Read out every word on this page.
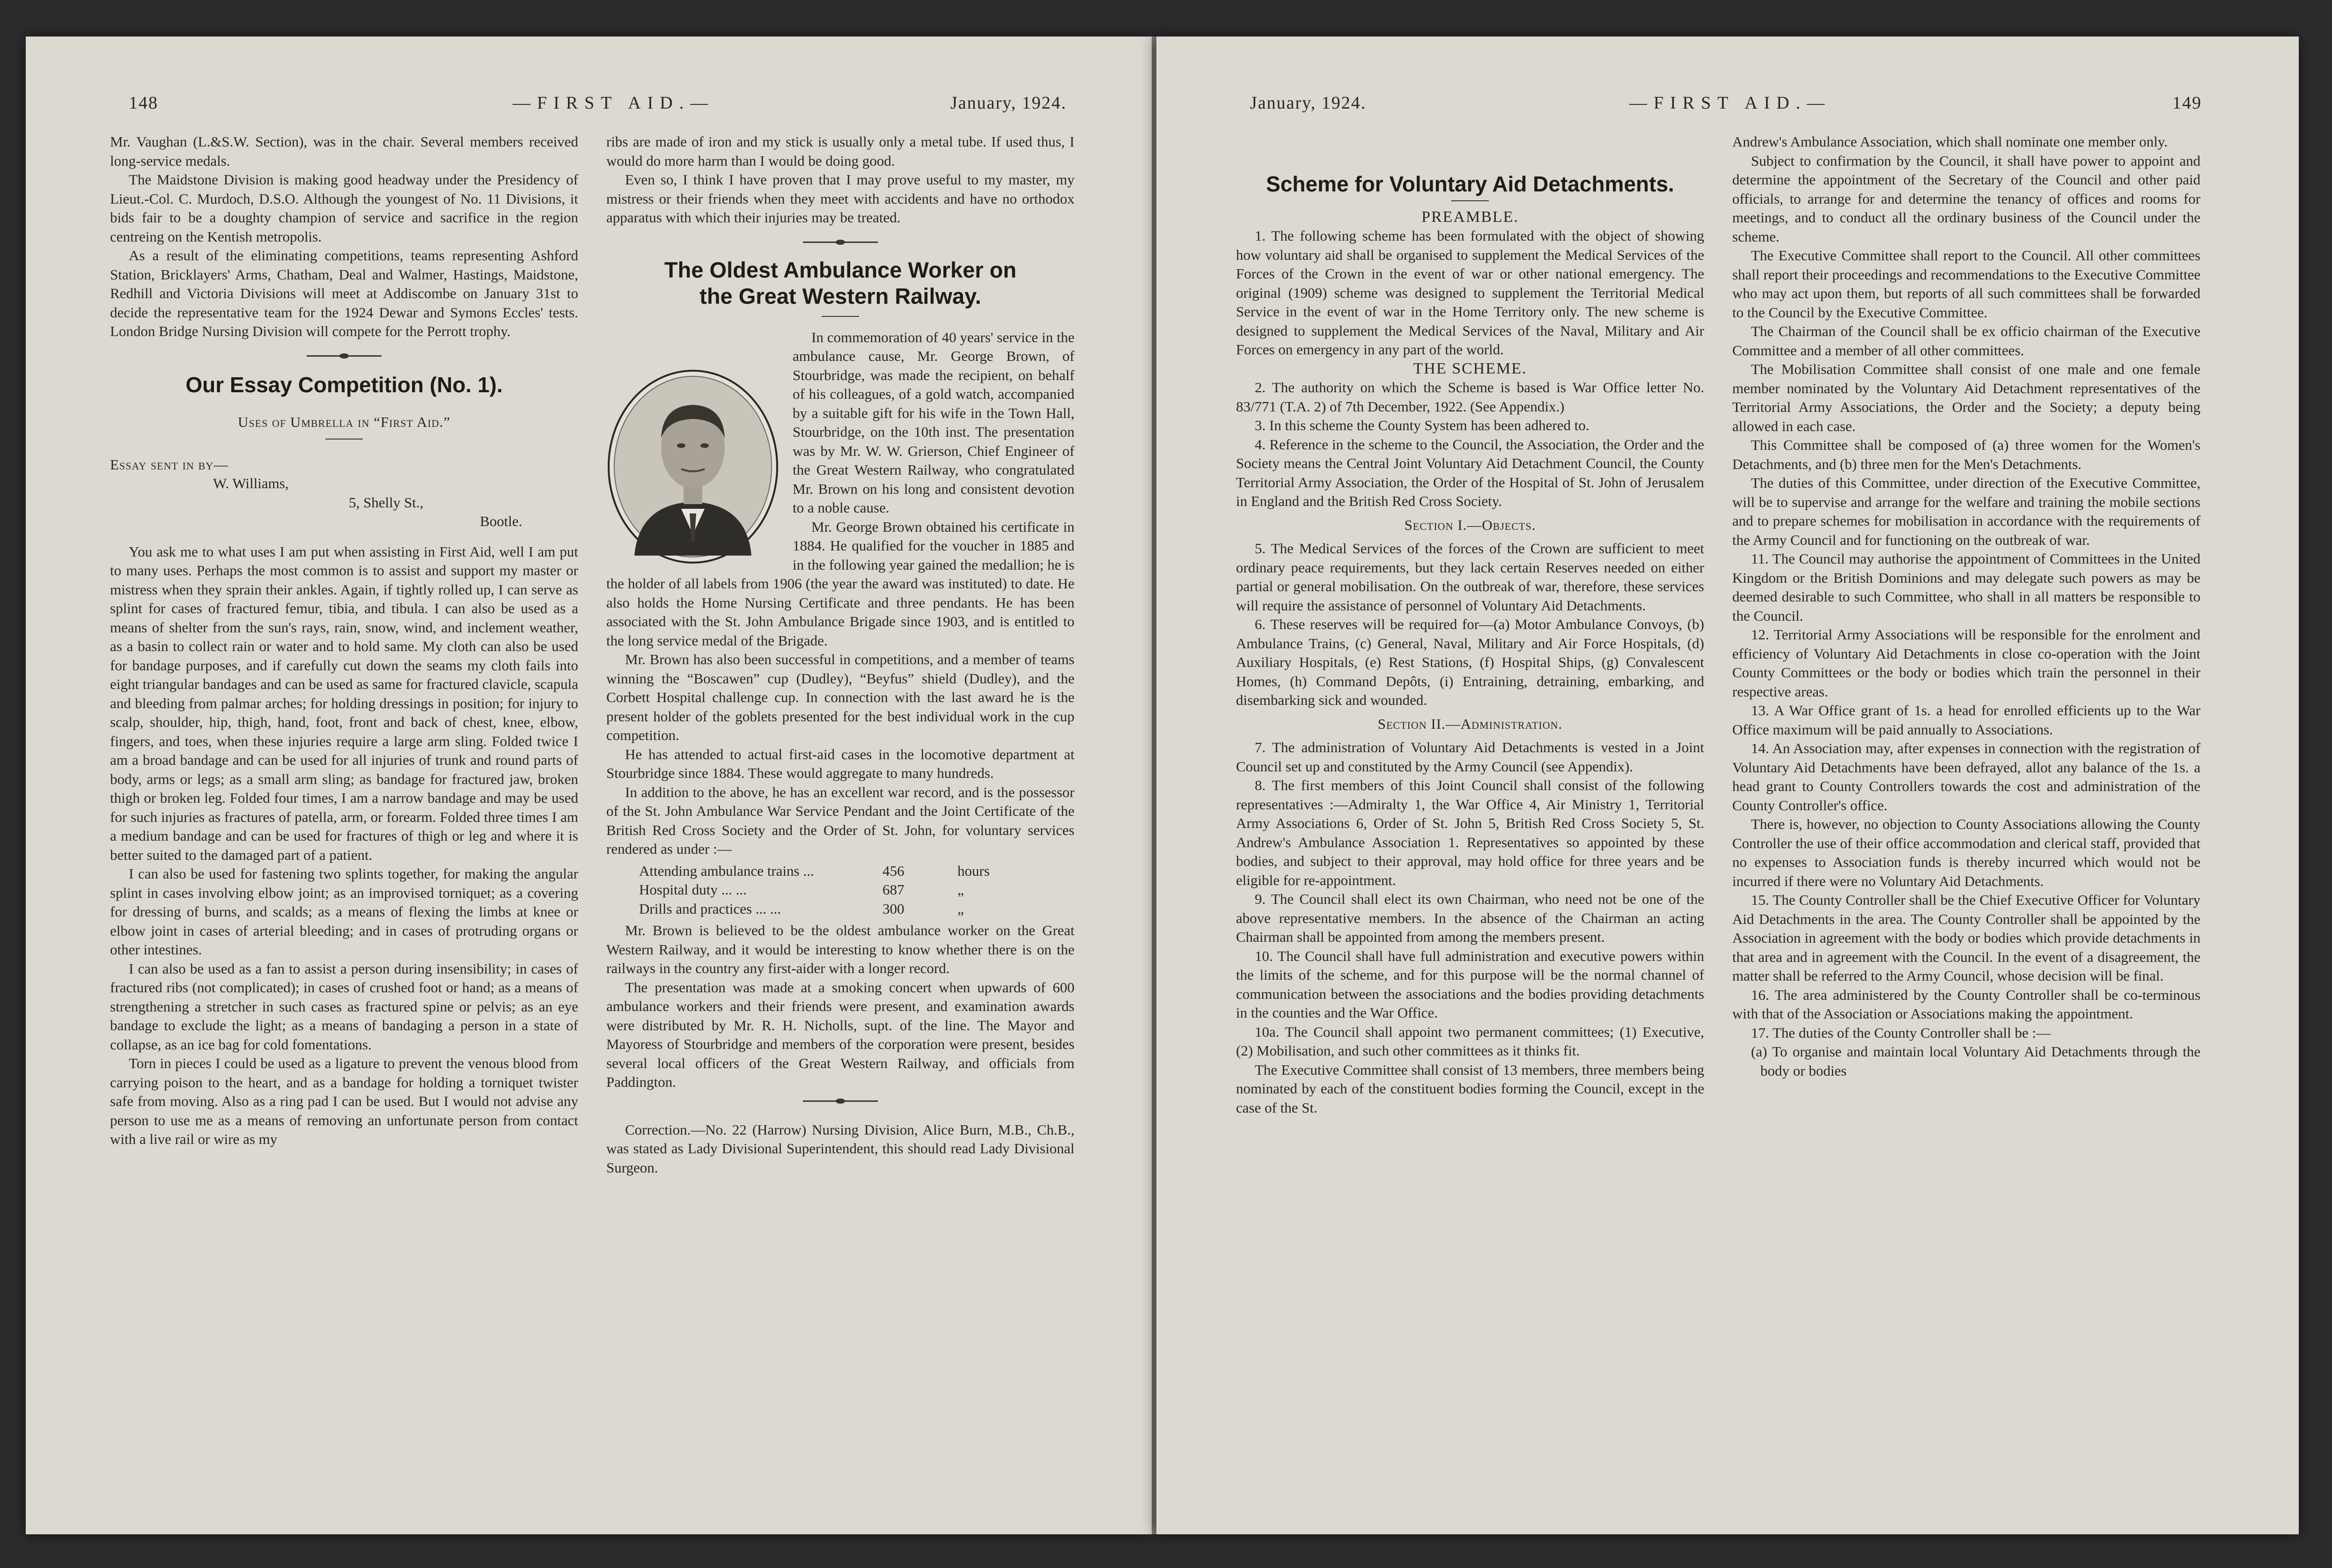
148	—FIRST AID.—	January, 1924.

Mr. Vaughan (L.&S.W. Section), was in the chair. Several members received long-service medals.

The Maidstone Division is making good headway under the Presidency of Lieut.-Col. C. Murdoch, D.S.O. Although the youngest of No. 11 Divisions, it bids fair to be a doughty champion of service and sacrifice in the region centreing on the Kentish metropolis.

As a result of the eliminating competitions, teams representing Ashford Station, Bricklayers' Arms, Chatham, Deal and Walmer, Hastings, Maidstone, Redhill and Victoria Divisions will meet at Addiscombe on January 31st to decide the representative team for the 1924 Dewar and Symons Eccles' tests. London Bridge Nursing Division will compete for the Perrott trophy.

Our Essay Competition (No. 1).

Uses of Umbrella in “First Aid.”

Essay sent in by—

W. Williams,

5, Shelly St.,

Bootle.

You ask me to what uses I am put when assisting in First Aid, well I am put to many uses. Perhaps the most common is to assist and support my master or mistress when they sprain their ankles. Again, if tightly rolled up, I can serve as splint for cases of fractured femur, tibia, and tibula. I can also be used as a means of shelter from the sun's rays, rain, snow, wind, and inclement weather, as a basin to collect rain or water and to hold same. My cloth can also be used for bandage purposes, and if carefully cut down the seams my cloth fails into eight triangular bandages and can be used as same for fractured clavicle, scapula and bleeding from palmar arches; for holding dressings in position; for injury to scalp, shoulder, hip, thigh, hand, foot, front and back of chest, knee, elbow, fingers, and toes, when these injuries require a large arm sling. Folded twice I am a broad bandage and can be used for all injuries of trunk and round parts of body, arms or legs; as a small arm sling; as bandage for fractured jaw, broken thigh or broken leg. Folded four times, I am a narrow bandage and may be used for such injuries as fractures of patella, arm, or forearm. Folded three times I am a medium bandage and can be used for fractures of thigh or leg and where it is better suited to the damaged part of a patient.

I can also be used for fastening two splints together, for making the angular splint in cases involving elbow joint; as an improvised torniquet; as a covering for dressing of burns, and scalds; as a means of flexing the limbs at knee or elbow joint in cases of arterial bleeding; and in cases of protruding organs or other intestines.

I can also be used as a fan to assist a person during insensibility; in cases of fractured ribs (not complicated); in cases of crushed foot or hand; as a means of strengthening a stretcher in such cases as fractured spine or pelvis; as an eye bandage to exclude the light; as a means of bandaging a person in a state of collapse, as an ice bag for cold fomentations.

Torn in pieces I could be used as a ligature to prevent the venous blood from carrying poison to the heart, and as a bandage for holding a torniquet twister safe from moving. Also as a ring pad I can be used. But I would not advise any person to use me as a means of removing an unfortunate person from contact with a live rail or wire as my

ribs are made of iron and my stick is usually only a metal tube. If used thus, I would do more harm than I would be doing good.

Even so, I think I have proven that I may prove useful to my master, my mistress or their friends when they meet with accidents and have no orthodox apparatus with which their injuries may be treated.

The Oldest Ambulance Worker on
the Great Western Railway.

In commemoration of 40 years' service in the ambulance cause, Mr. George Brown, of Stourbridge, was made the recipient, on behalf of his colleagues, of a gold watch, accompanied by a suitable gift for his wife in the Town Hall, Stourbridge, on the 10th inst. The presentation was by Mr. W. W. Grierson, Chief Engineer of the Great Western Railway, who congratulated Mr. Brown on his long and consistent devotion to a noble cause.

Mr. George Brown obtained his certificate in 1884. He qualified for the voucher in 1885 and in the following year gained the medallion; he is the holder of all labels from 1906 (the year the award was instituted) to date. He also holds the Home Nursing Certificate and three pendants. He has been associated with the St. John Ambulance Brigade since 1903, and is entitled to the long service medal of the Brigade.

Mr. Brown has also been successful in competitions, and a member of teams winning the “Boscawen” cup (Dudley), “Beyfus” shield (Dudley), and the Corbett Hospital challenge cup. In connection with the last award he is the present holder of the goblets presented for the best individual work in the cup competition.

He has attended to actual first-aid cases in the locomotive department at Stourbridge since 1884. These would aggregate to many hundreds.

In addition to the above, he has an excellent war record, and is the possessor of the St. John Ambulance War Service Pendant and the Joint Certificate of the British Red Cross Society and the Order of St. John, for voluntary services rendered as under :—

Attending ambulance trains ...	456	hours
Hospital duty ... ...	687	„
Drills and practices ... ...	300	„

Mr. Brown is believed to be the oldest ambulance worker on the Great Western Railway, and it would be interesting to know whether there is on the railways in the country any first-aider with a longer record.

The presentation was made at a smoking concert when upwards of 600 ambulance workers and their friends were present, and examination awards were distributed by Mr. R. H. Nicholls, supt. of the line. The Mayor and Mayoress of Stourbridge and members of the corporation were present, besides several local officers of the Great Western Railway, and officials from Paddington.

Correction.—No. 22 (Harrow) Nursing Division, Alice Burn, M.B., Ch.B., was stated as Lady Divisional Superintendent, this should read Lady Divisional Surgeon.

January, 1924.	—FIRST AID.—	149
Scheme for Voluntary Aid Detachments.

PREAMBLE.

1. The following scheme has been formulated with the object of showing how voluntary aid shall be organised to supplement the Medical Services of the Forces of the Crown in the event of war or other national emergency. The original (1909) scheme was designed to supplement the Territorial Medical Service in the event of war in the Home Territory only. The new scheme is designed to supplement the Medical Services of the Naval, Military and Air Forces on emergency in any part of the world.

THE SCHEME.

2. The authority on which the Scheme is based is War Office letter No. 83/771 (T.A. 2) of 7th December, 1922. (See Appendix.)

3. In this scheme the County System has been adhered to.

4. Reference in the scheme to the Council, the Association, the Order and the Society means the Central Joint Voluntary Aid Detachment Council, the County Territorial Army Association, the Order of the Hospital of St. John of Jerusalem in England and the British Red Cross Society.

Section I.—Objects.

5. The Medical Services of the forces of the Crown are sufficient to meet ordinary peace requirements, but they lack certain Reserves needed on either partial or general mobilisation. On the outbreak of war, therefore, these services will require the assistance of personnel of Voluntary Aid Detachments.

6. These reserves will be required for—(a) Motor Ambulance Convoys, (b) Ambulance Trains, (c) General, Naval, Military and Air Force Hospitals, (d) Auxiliary Hospitals, (e) Rest Stations, (f) Hospital Ships, (g) Convalescent Homes, (h) Command Depôts, (i) Entraining, detraining, embarking, and disembarking sick and wounded.

Section II.—Administration.

7. The administration of Voluntary Aid Detachments is vested in a Joint Council set up and constituted by the Army Council (see Appendix).

8. The first members of this Joint Council shall consist of the following representatives :—Admiralty 1, the War Office 4, Air Ministry 1, Territorial Army Associations 6, Order of St. John 5, British Red Cross Society 5, St. Andrew's Ambulance Association 1. Representatives so appointed by these bodies, and subject to their approval, may hold office for three years and be eligible for re-appointment.

9. The Council shall elect its own Chairman, who need not be one of the above representative members. In the absence of the Chairman an acting Chairman shall be appointed from among the members present.

10. The Council shall have full administration and executive powers within the limits of the scheme, and for this purpose will be the normal channel of communication between the associations and the bodies providing detachments in the counties and the War Office.

10a. The Council shall appoint two permanent committees; (1) Executive, (2) Mobilisation, and such other committees as it thinks fit.

The Executive Committee shall consist of 13 members, three members being nominated by each of the constituent bodies forming the Council, except in the case of the St.

Andrew's Ambulance Association, which shall nominate one member only.

Subject to confirmation by the Council, it shall have power to appoint and determine the appointment of the Secretary of the Council and other paid officials, to arrange for and determine the tenancy of offices and rooms for meetings, and to conduct all the ordinary business of the Council under the scheme.

The Executive Committee shall report to the Council. All other committees shall report their proceedings and recommendations to the Executive Committee who may act upon them, but reports of all such committees shall be forwarded to the Council by the Executive Committee.

The Chairman of the Council shall be ex officio chairman of the Executive Committee and a member of all other committees.

The Mobilisation Committee shall consist of one male and one female member nominated by the Voluntary Aid Detachment representatives of the Territorial Army Associations, the Order and the Society; a deputy being allowed in each case.

This Committee shall be composed of (a) three women for the Women's Detachments, and (b) three men for the Men's Detachments.

The duties of this Committee, under direction of the Executive Committee, will be to supervise and arrange for the welfare and training the mobile sections and to prepare schemes for mobilisation in accordance with the requirements of the Army Council and for functioning on the outbreak of war.

11. The Council may authorise the appointment of Committees in the United Kingdom or the British Dominions and may delegate such powers as may be deemed desirable to such Committee, who shall in all matters be responsible to the Council.

12. Territorial Army Associations will be responsible for the enrolment and efficiency of Voluntary Aid Detachments in close co-operation with the Joint County Committees or the body or bodies which train the personnel in their respective areas.

13. A War Office grant of 1s. a head for enrolled efficients up to the War Office maximum will be paid annually to Associations.

14. An Association may, after expenses in connection with the registration of Voluntary Aid Detachments have been defrayed, allot any balance of the 1s. a head grant to County Controllers towards the cost and administration of the County Controller's office.

There is, however, no objection to County Associations allowing the County Controller the use of their office accommodation and clerical staff, provided that no expenses to Association funds is thereby incurred which would not be incurred if there were no Voluntary Aid Detachments.

15. The County Controller shall be the Chief Executive Officer for Voluntary Aid Detachments in the area. The County Controller shall be appointed by the Association in agreement with the body or bodies which provide detachments in that area and in agreement with the Council. In the event of a disagreement, the matter shall be referred to the Army Council, whose decision will be final.

16. The area administered by the County Controller shall be co-terminous with that of the Association or Associations making the appointment.

17. The duties of the County Controller shall be :—

(a) To organise and maintain local Voluntary Aid Detachments through the body or bodies
